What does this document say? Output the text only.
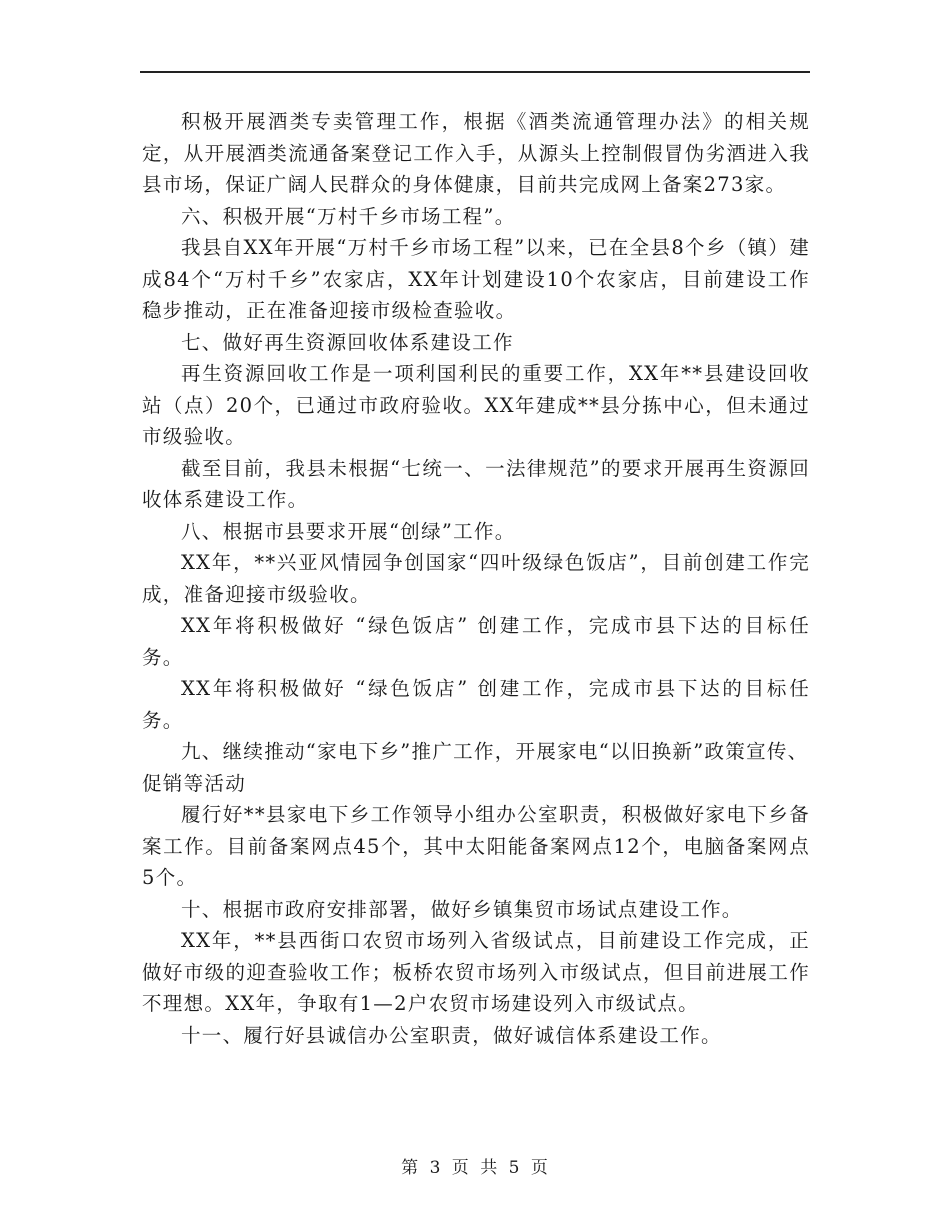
积极开展酒类专卖管理工作，根据《酒类流通管理办法》的相关规定，从开展酒类流通备案登记工作入手，从源头上控制假冒伪劣酒进入我县市场，保证广阔人民群众的身体健康，目前共完成网上备案273家。

六、积极开展“万村千乡市场工程”。

我县自XX年开展“万村千乡市场工程”以来，已在全县8个乡（镇）建成84个“万村千乡”农家店，XX年计划建设10个农家店，目前建设工作稳步推动，正在准备迎接市级检查验收。

七、做好再生资源回收体系建设工作

再生资源回收工作是一项利国利民的重要工作，XX年**县建设回收站（点）20个，已通过市政府验收。XX年建成**县分拣中心，但未通过市级验收。

截至目前，我县未根据“七统一、一法律规范”的要求开展再生资源回收体系建设工作。

八、根据市县要求开展“创绿”工作。

XX年，**兴亚风情园争创国家“四叶级绿色饭店”，目前创建工作完成，准备迎接市级验收。

XX年将积极做好 “绿色饭店” 创建工作，完成市县下达的目标任务。

XX年将积极做好 “绿色饭店” 创建工作，完成市县下达的目标任务。

九、继续推动“家电下乡”推广工作，开展家电“以旧换新”政策宣传、促销等活动

履行好**县家电下乡工作领导小组办公室职责，积极做好家电下乡备案工作。目前备案网点45个，其中太阳能备案网点12个，电脑备案网点5个。

十、根据市政府安排部署，做好乡镇集贸市场试点建设工作。

XX年，**县西街口农贸市场列入省级试点，目前建设工作完成，正做好市级的迎查验收工作；板桥农贸市场列入市级试点，但目前进展工作不理想。XX年，争取有1—2户农贸市场建设列入市级试点。

十一、履行好县诚信办公室职责，做好诚信体系建设工作。

第 3 页 共 5 页
